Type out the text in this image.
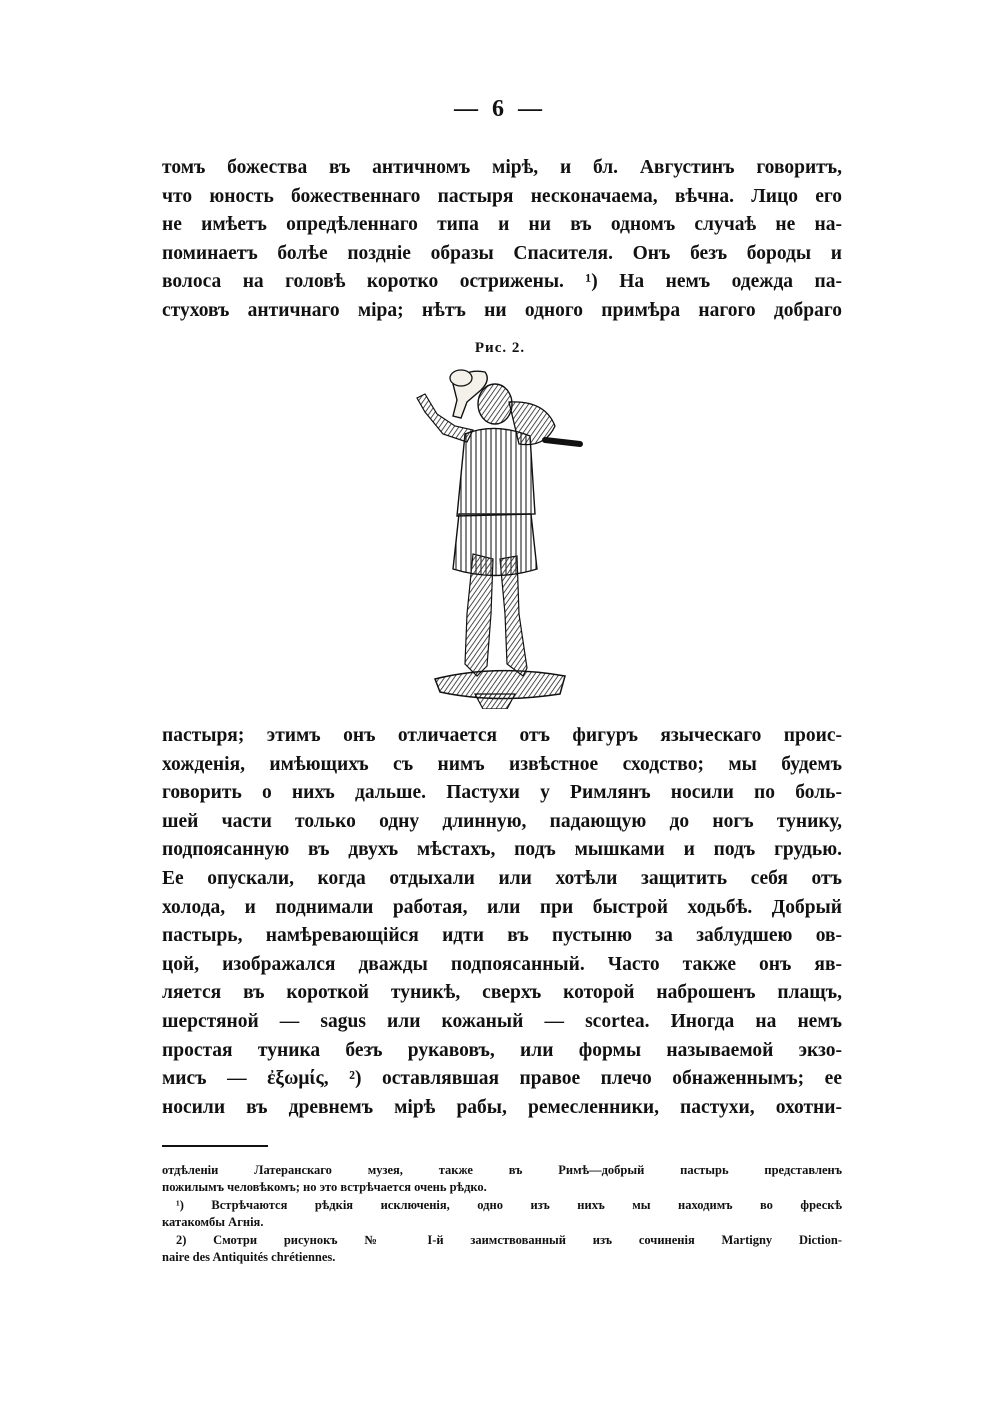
— 6 —
томъ божества въ античномъ мірѣ, и бл. Августинъ говоритъ,
что юность божественнаго пастыря несконачаема, вѣчна. Лицо его
не имѣетъ опредѣленнаго типа и ни въ одномъ случаѣ не на-
поминаетъ болѣе поздніе образы Спасителя. Онъ безъ бороды и
волоса на головѣ коротко острижены. ¹) На немъ одежда па-
стуховъ античнаго міра; нѣтъ ни одного примѣра нагого добраго
Рис. 2.
пастыря; этимъ онъ отличается отъ фигуръ языческаго проис-
хожденія, имѣющихъ съ нимъ извѣстное сходство; мы будемъ
говорить о нихъ дальше. Пастухи у Римлянъ носили по боль-
шей части только одну длинную, падающую до ногъ тунику,
подпоясанную въ двухъ мѣстахъ, подъ мышками и подъ грудью.
Ее опускали, когда отдыхали или хотѣли защитить себя отъ
холода, и поднимали работая, или при быстрой ходьбѣ. Добрый
пастырь, намѣревающійся идти въ пустыню за заблудшею ов-
цой, изображался дважды подпоясанный. Часто также онъ яв-
ляется въ короткой туникѣ, сверхъ которой наброшенъ плащъ,
шерстяной — sagus или кожаный — scortea. Иногда на немъ
простая туника безъ рукавовъ, или формы называемой экзо-
мисъ — ἐξωμίς, ²) оставлявшая правое плечо обнаженнымъ; ее
носили въ древнемъ мірѣ рабы, ремесленники, пастухи, охотни-
отдѣленіи Латеранскаго музея, также въ Римѣ—добрый пастырь представленъ
пожилымъ человѣкомъ; но это встрѣчается очень рѣдко.
¹) Встрѣчаются рѣдкія исключенія, одно изъ нихъ мы находимъ во фрескѣ
катакомбы Агнія.
2) Смотри рисунокъ № I-й заимствованный изъ сочиненія Martigny Diction-
naire des Antiquités chrétiennes.
